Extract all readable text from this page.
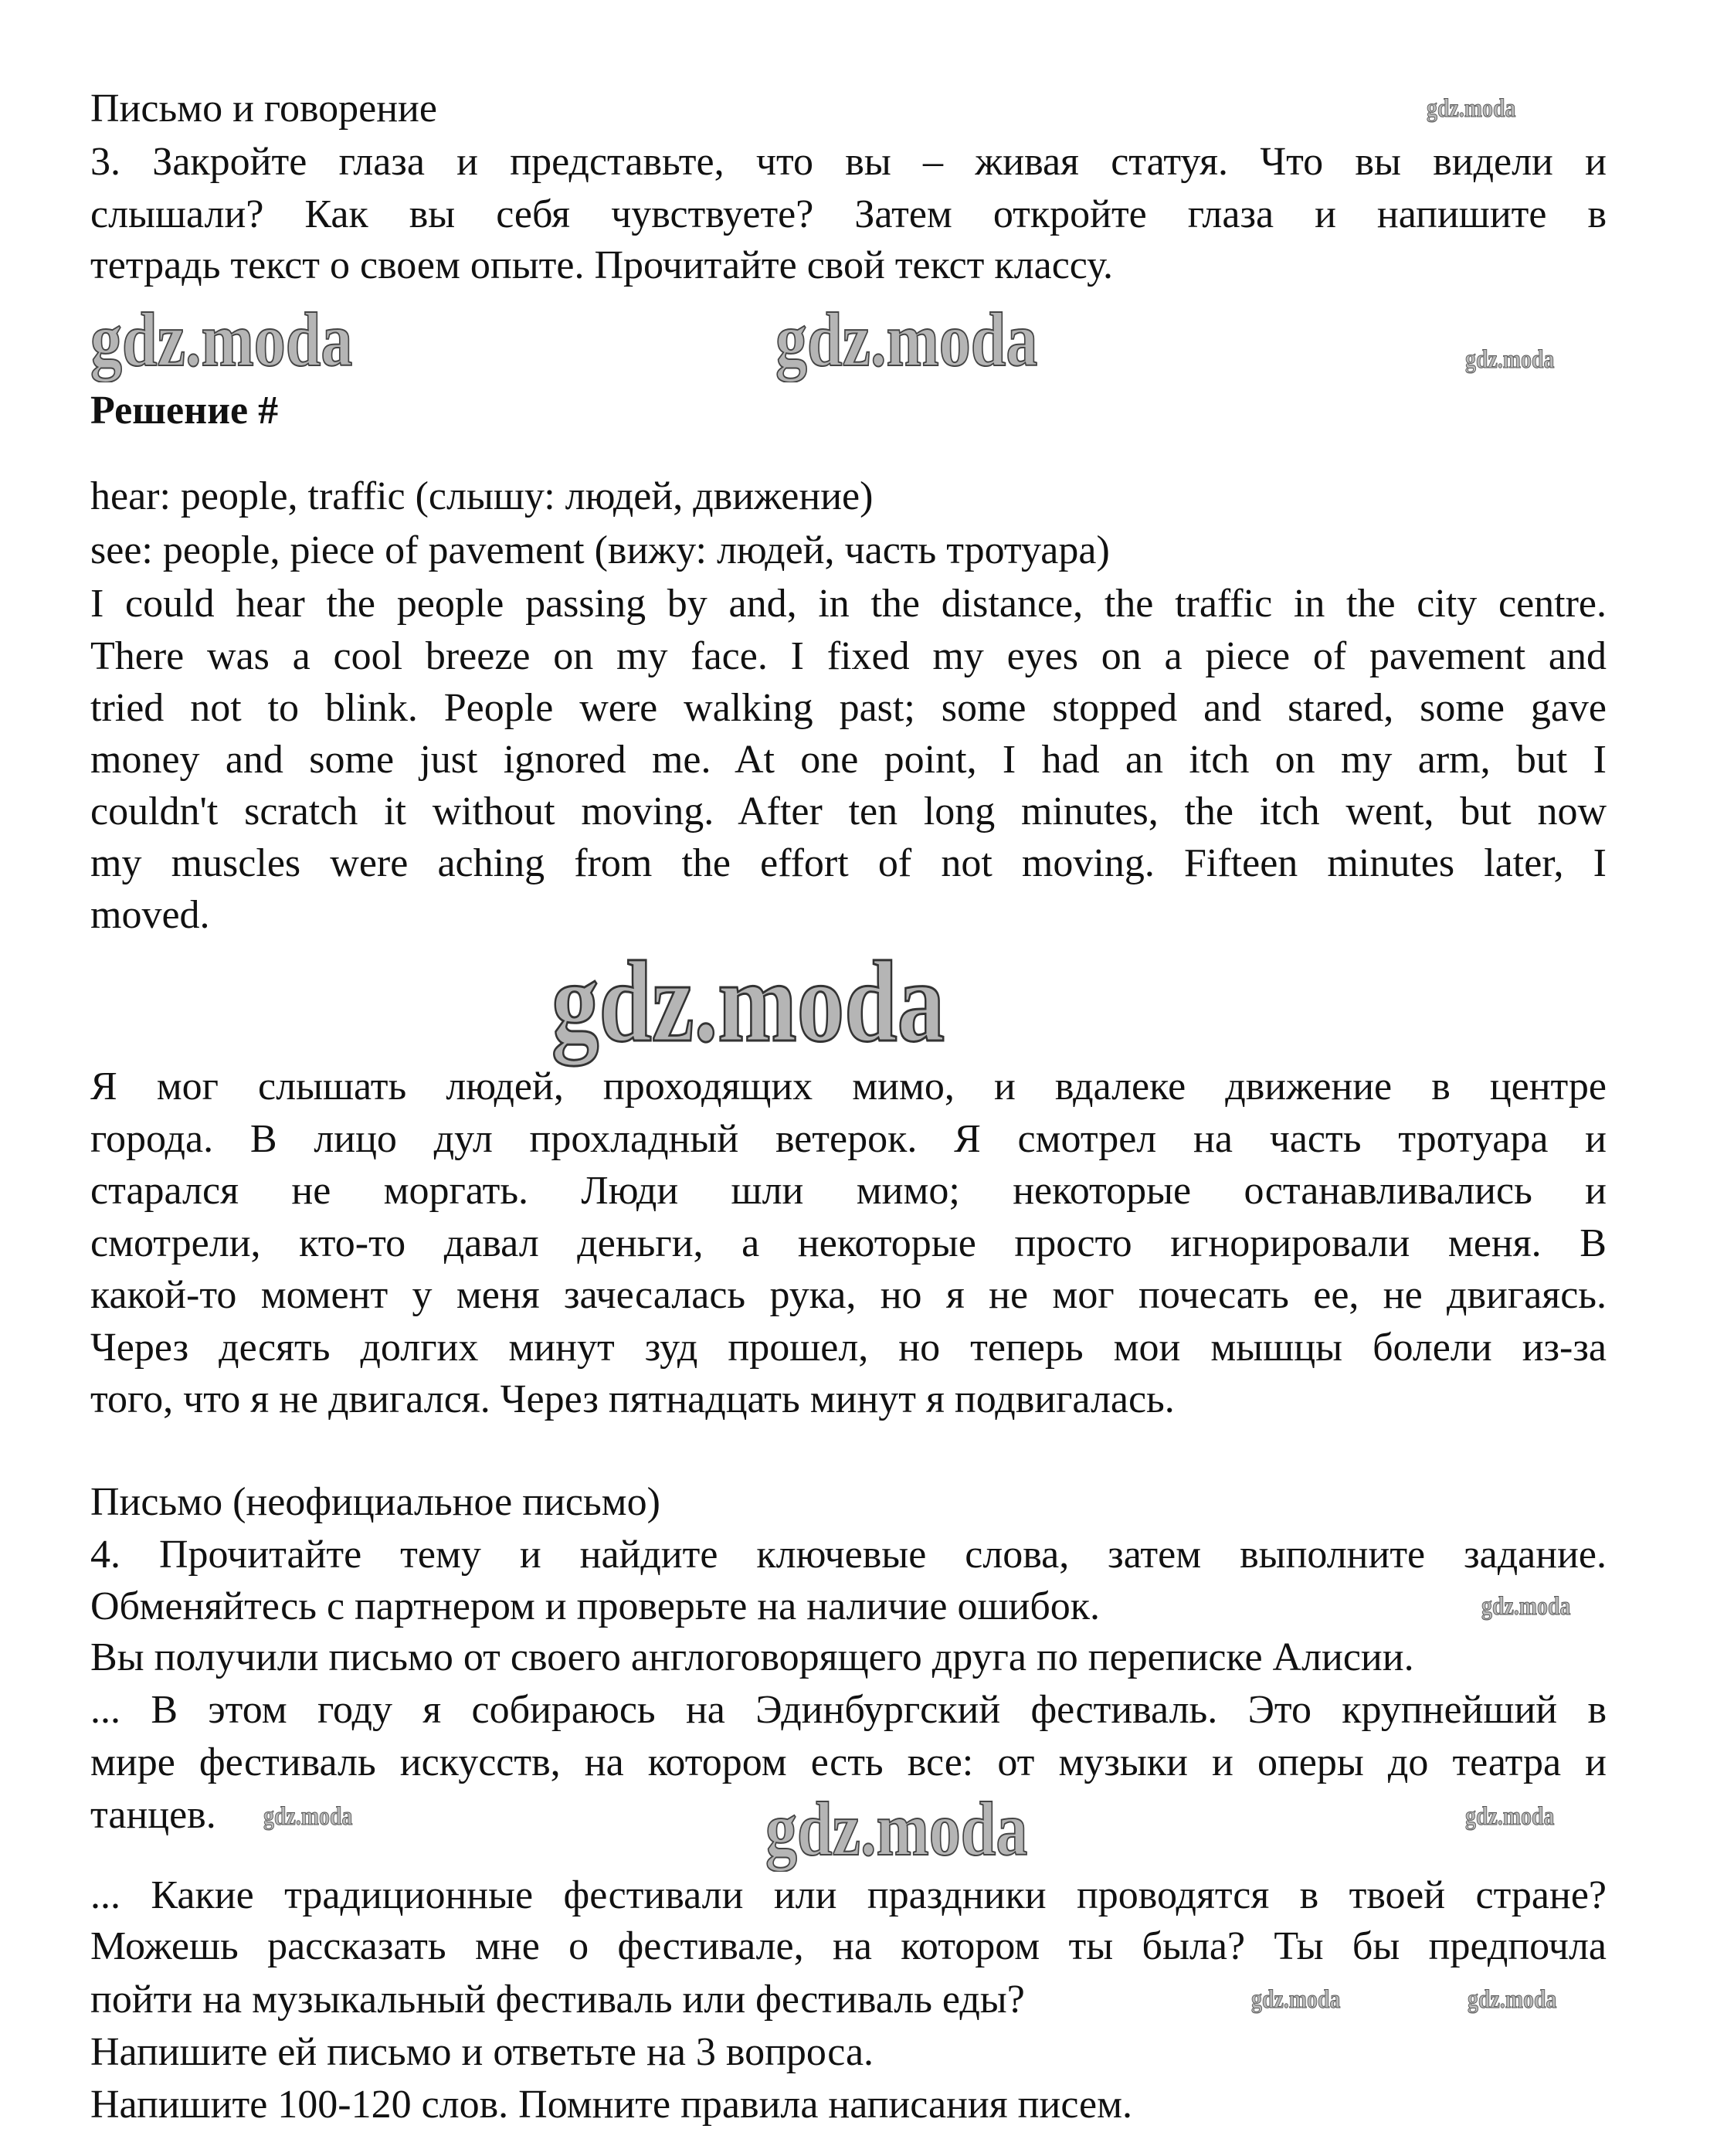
Письмо и говорение
3. Закройте глаза и представьте, что вы – живая статуя. Что вы видели и
слышали? Как вы себя чувствуете? Затем откройте глаза и напишите в
тетрадь текст о своем опыте. Прочитайте свой текст классу.
Решение #
hear: people, traffic (слышу: людей, движение)
see: people, piece of pavement (вижу: людей, часть тротуара)
I could hear the people passing by and, in the distance, the traffic in the city centre.
There was a cool breeze on my face. I fixed my eyes on a piece of pavement and
tried not to blink. People were walking past; some stopped and stared, some gave
money and some just ignored me. At one point, I had an itch on my arm, but I
couldn't scratch it without moving. After ten long minutes, the itch went, but now
my muscles were aching from the effort of not moving. Fifteen minutes later, I
moved.
Я мог слышать людей, проходящих мимо, и вдалеке движение в центре
города. В лицо дул прохладный ветерок. Я смотрел на часть тротуара и
старался не моргать. Люди шли мимо; некоторые останавливались и
смотрели, кто-то давал деньги, а некоторые просто игнорировали меня. В
какой-то момент у меня зачесалась рука, но я не мог почесать ее, не двигаясь.
Через десять долгих минут зуд прошел, но теперь мои мышцы болели из-за
того, что я не двигался. Через пятнадцать минут я подвигалась.
Письмо (неофициальное письмо)
4. Прочитайте тему и найдите ключевые слова, затем выполните задание.
Обменяйтесь с партнером и проверьте на наличие ошибок.
Вы получили письмо от своего англоговорящего друга по переписке Алисии.
... В этом году я собираюсь на Эдинбургский фестиваль. Это крупнейший в
мире фестиваль искусств, на котором есть все: от музыки и оперы до театра и
танцев.
... Какие традиционные фестивали или праздники проводятся в твоей стране?
Можешь рассказать мне о фестивале, на котором ты была? Ты бы предпочла
пойти на музыкальный фестиваль или фестиваль еды?
Напишите ей письмо и ответьте на 3 вопроса.
Напишите 100-120 слов. Помните правила написания писем.
gdz.moda
gdz.moda	gdz.moda	gdz.moda
gdz.moda
gdz.moda
gdz.moda	gdz.moda	gdz.moda
gdz.moda	gdz.moda
